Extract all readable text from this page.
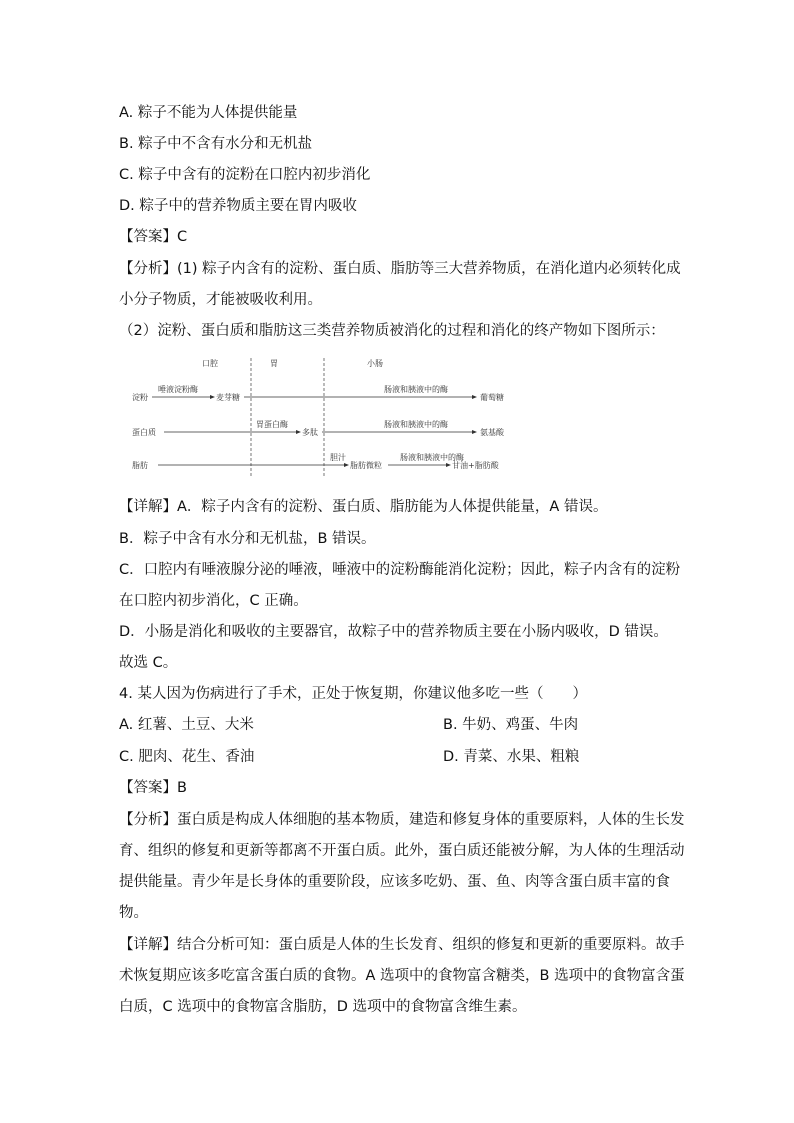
A. 粽子不能为人体提供能量
B. 粽子中不含有水分和无机盐
C. 粽子中含有的淀粉在口腔内初步消化
D. 粽子中的营养物质主要在胃内吸收
【答案】C
【分析】(1) 粽子内含有的淀粉、蛋白质、脂肪等三大营养物质，在消化道内必须转化成
小分子物质，才能被吸收利用。
（2）淀粉、蛋白质和脂肪这三类营养物质被消化的过程和消化的终产物如下图所示：
口腔	胃	小肠
淀粉
唾液淀粉酶
麦芽糖
肠液和胰液中的酶
葡萄糖
蛋白质
胃蛋白酶
多肽
肠液和胰液中的酶
氨基酸
脂肪
胆汁
脂肪微粒
肠液和胰液中的酶
甘油+脂肪酸
【详解】A．粽子内含有的淀粉、蛋白质、脂肪能为人体提供能量，A 错误。
B．粽子中含有水分和无机盐，B 错误。
C．口腔内有唾液腺分泌的唾液，唾液中的淀粉酶能消化淀粉；因此，粽子内含有的淀粉
在口腔内初步消化，C 正确。
D．小肠是消化和吸收的主要器官，故粽子中的营养物质主要在小肠内吸收，D 错误。
故选 C。
4. 某人因为伤病进行了手术，正处于恢复期，你建议他多吃一些（　　）
A. 红薯、土豆、大米	B. 牛奶、鸡蛋、牛肉
C. 肥肉、花生、香油	D. 青菜、水果、粗粮
【答案】B
【分析】蛋白质是构成人体细胞的基本物质，建造和修复身体的重要原料，人体的生长发
育、组织的修复和更新等都离不开蛋白质。此外，蛋白质还能被分解，为人体的生理活动
提供能量。青少年是长身体的重要阶段，应该多吃奶、蛋、鱼、肉等含蛋白质丰富的食
物。
【详解】结合分析可知：蛋白质是人体的生长发育、组织的修复和更新的重要原料。故手
术恢复期应该多吃富含蛋白质的食物。A 选项中的食物富含糖类，B 选项中的食物富含蛋
白质，C 选项中的食物富含脂肪，D 选项中的食物富含维生素。
